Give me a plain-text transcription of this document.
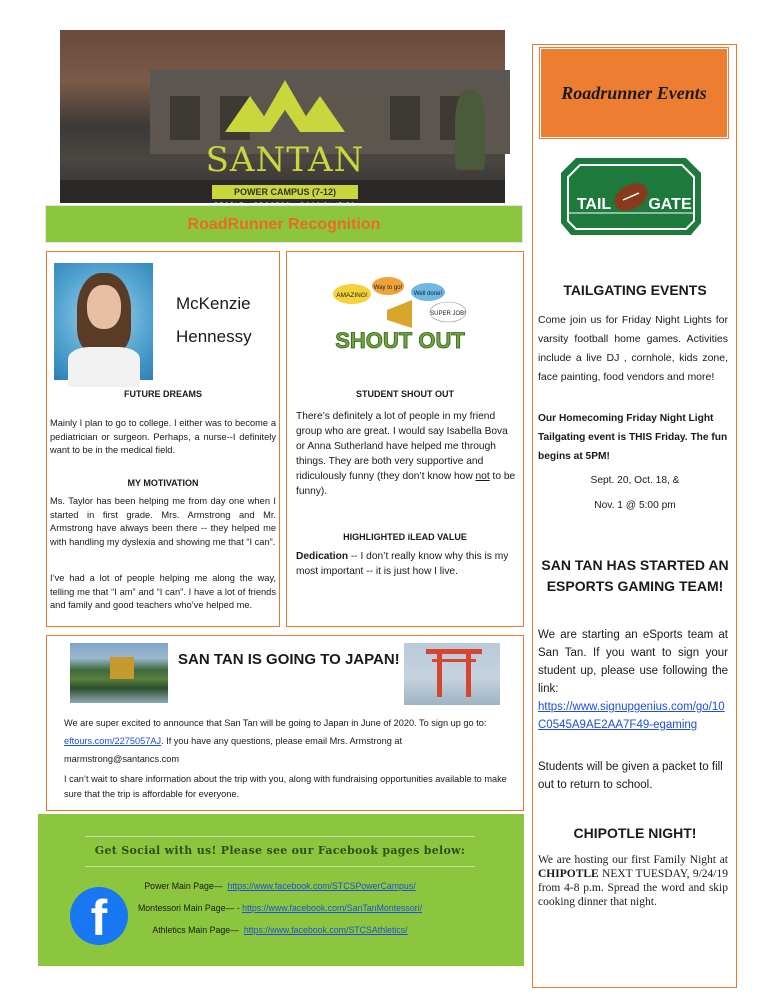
SANTAN
POWER CAMPUS (7-12)
RoadRunner Recognition
McKenzie
Hennessy
FUTURE DREAMS
Mainly I plan to go to college. I either was to become a pediatrician or surgeon. Perhaps, a nurse--I definitely want to be in the medical field.
MY MOTIVATION
Ms. Taylor has been helping me from day one when I started in first grade. Mrs. Armstrong and Mr. Armstrong have always been there -- they helped me with handling my dyslexia and showing me that “I can”.
I’ve had a lot of people helping me along the way, telling me that “I am” and “I can”. I have a lot of friends and family and good teachers who’ve helped me.
AMAZING!
Way to go!
Well done!
SUPER JOB!
SHOUT OUT
STUDENT SHOUT OUT
There’s definitely a lot of people in my friend group who are great. I would say Isabella Bova or Anna Sutherland have helped me through things. They are both very supportive and ridiculously funny (they don’t know how not to be funny).
HIGHLIGHTED iLEAD VALUE
Dedication -- I don’t really know why this is my most important -- it is just how I live.
SAN TAN IS GOING TO JAPAN!
We are super excited to announce that San Tan will be going to Japan in June of 2020. To sign up go to:  eftours.com/2275057AJ. If you have any questions, please email Mrs. Armstrong at marmstrong@santancs.com
I can’t wait to share information about the trip with you, along with fundraising opportunities available to make sure that the trip is affordable for everyone.
Get Social with us! Please see our Facebook pages below:
f
Power Main Page— https://www.facebook.com/STCSPowerCampus/
Montessori Main Page— - https://www.facebook.com/SanTanMontessori/
Athletics Main Page— https://www.facebook.com/STCSAthletics/
Roadrunner Events
TAIL GATE
TAILGATING EVENTS
Come join us for Friday Night Lights for varsity football home games. Activities include a live DJ , cornhole, kids zone, face painting, food vendors and more!
Our Homecoming Friday Night Light Tailgating event is THIS Friday. The fun begins at 5PM!
Sept. 20, Oct. 18, &
Nov. 1 @ 5:00 pm
SAN TAN HAS STARTED AN ESPORTS GAMING TEAM!
We are starting an eSports team at San Tan. If you want to sign your student up, please use following the link:
https://www.signupgenius.com/go/10C0545A9AE2AA7F49-egaming
Students will be given a packet to fill out to return to school.
CHIPOTLE NIGHT!
We are hosting our first Family Night at CHIPOTLE NEXT TUESDAY, 9/24/19 from 4-8 p.m. Spread the word and skip cooking dinner that night.
